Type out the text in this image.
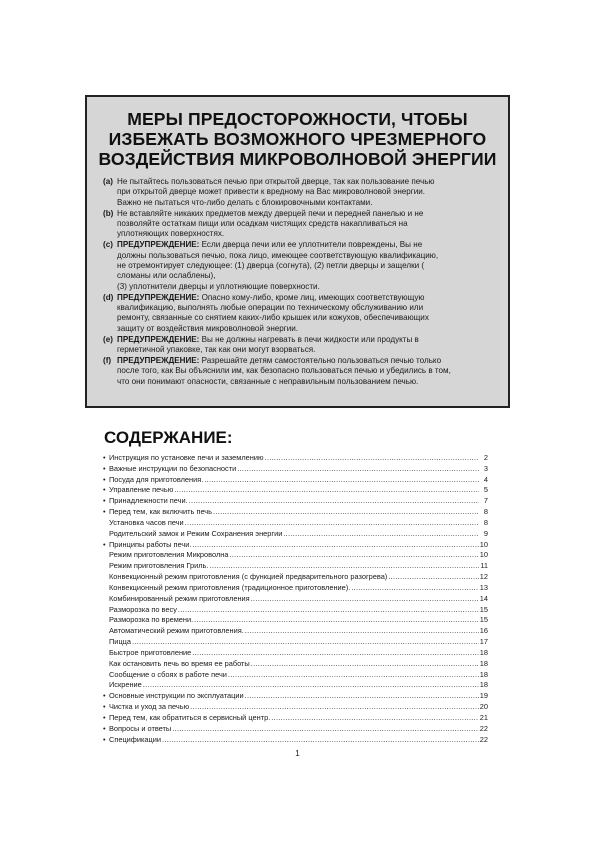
МЕРЫ ПРЕДОСТОРОЖНОСТИ, ЧТОБЫ
ИЗБЕЖАТЬ ВОЗМОЖНОГО ЧРЕЗМЕРНОГО
ВОЗДЕЙСТВИЯ МИКРОВОЛНОВОЙ ЭНЕРГИИ
(a) Не пытайтесь пользоваться печью при открытой дверце, так как пользование печью
при открытой дверце может привести к вредному на Вас микроволновой энергии.
Важно не пытаться что-либо делать с блокировочными контактами.
(b) Не вставляйте никаких предметов между дверцей печи и передней панелью и не
позволяйте остаткам пищи или осадкам чистящих средств накапливаться на
уплотняющих поверхностях.
(c) ПРЕДУПРЕЖДЕНИЕ: Если дверца печи или ее уплотнители повреждены, Вы не
должны пользоваться печью, пока лицо, имеющее соответствующую квалификацию,
не отремонтирует следующее: (1) дверца (согнута), (2) петли дверцы и защелки (
сломаны или ослаблены),
(3) уплотнители дверцы и уплотняющие поверхности.
(d) ПРЕДУПРЕЖДЕНИЕ: Опасно кому-либо, кроме лиц, имеющих соответствующую
квалификацию, выполнять любые операции по техническому обслуживанию или
ремонту, связанные со снятием каких-либо крышек или кожухов, обеспечивающих
защиту от воздействия микроволновой энергии.
(e) ПРЕДУПРЕЖДЕНИЕ: Вы не должны нагревать в печи жидкости или продукты в
герметичной упаковке, так как они могут взорваться.
(f) ПРЕДУПРЕЖДЕНИЕ: Разрешайте детям самостоятельно пользоваться печью только
после того, как Вы объяснили им, как безопасно пользоваться печью и убедились в том,
что они понимают опасности, связанные с неправильным пользованием печью.
СОДЕРЖАНИЕ:
• Инструкция по установке печи и заземлению .....	2
• Важные инструкции по безопасности .....	3
• Посуда для приготовления. .....	4
• Управление печью .....	5
• Принадлежности печи. .....	7
• Перед тем, как включить печь .....	8
Установка часов печи .....	8
Родительский замок и Режим Сохранения энергии .....	9
• Принципы работы печи. .....	10
Режим приготовления Микроволна .....	10
Режим приготовления Гриль. .....	11
Конвекционный режим приготовления (с функцией предварительного разогрева) .....	12
Конвекционный режим приготовления (традиционное приготовление). .....	13
Комбинированный режим приготовления .....	14
Разморозка по весу .....	15
Разморозка по времени. .....	15
Автоматический режим приготовления. .....	16
Пицца .....	17
Быстрое приготовление .....	18
Как остановить печь во время ее работы .....	18
Сообщение о сбоях в работе печи .....	18
Искрение .....	18
• Основные инструкции по эксплуатации .....	19
• Чистка и уход за печью .....	20
• Перед тем, как обратиться в сервисный центр. .....	21
• Вопросы и ответы .....	22
• Спецификации .....	22
1
